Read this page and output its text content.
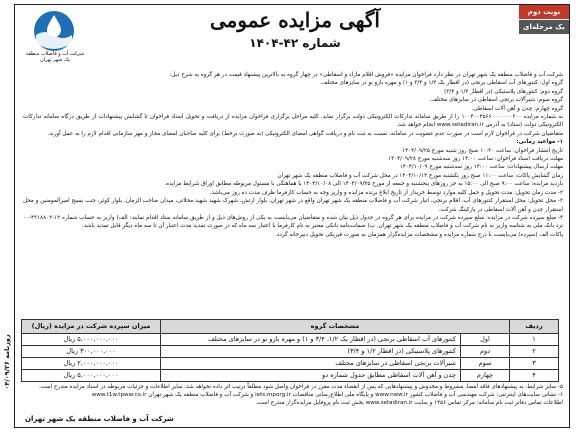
شرکت آب و فاضلاب منطقه یک شهر تهران
آگهی مزایده عمومی
شماره ۴۲-۱۴۰۴
نوبت دوم
یک مرحله‌ای

شرکت آب و فاضلاب منطقه یک شهر تهران در نظر دارد فراخوان مزایده «فروش اقلام مازاد و اسقاطی» در چهار گروه به بالاترین پیشنهاد قیمت در هر گروه به شرح ذیل:

گروه اول: کنتورهای آب اسقاطی برنجی (در اقطار یک ۱/۲ و ۳/۴ و ۱) و مهره بازو نو در سایزهای مختلف.

گروه دوم: کنتورهای پلاستیکی (در اقطار ۱/۲ و ۳/۴)

گروه سوم: شیرآلات برنجی اسقاطی در سایزهای مختلف.

گروه چهارم: چدن و آهن آلات اسقاطی.

به شماره مزایده ۱۰۰۴۰۰۴۵۶۶۰۰۰۰۰۰۰۲۰۰ را از طریق سامانه تدارکات الکترونیکی دولت برگزار نماید. کلیه مراحل برگزاری فراخوان مزایده از دریافت و تحویل اسناد فراخوان تا گشایش پیشنهادات از طریق درگاه سامانه تدارکات الکترونیکی دولت (ستاد) به آدرس www.setadiran.ir انجام خواهد شد.

متقاضیان شرکت در فراخوان لازم است در صورت عدم عضویت در سامانه، نسبت به ثبت نام و دریافت گواهی امضای الکترونیکی (به صورت برخط) برای کلیه صاحبان امضای مجاز و مهر سازمانی اقدام لازم را به عمل آورند.

۱- مواعید زمانی:

تاریخ انتشار فراخوان: ساعت ۱۰:۳۰ صبح روز شنبه مورخ ۱۴۰۴/۰۹/۲۵

مهلت دریافت اسناد فراخوان: ساعت ۱۴:۰۰ روز سه‌شنبه مورخ ۱۴۰۴/۰۹/۲۸

مهلت ارسال پیشنهادات: ساعت ۱۴:۰۰ روز سه‌شنبه مورخ ۱۴۰۴/۱۰/۰۹

زمان گشایش پاکات: ساعت ۱۱:۰۰ صبح روز یکشنبه مورخ ۱۴۰۴/۱۰/۱۴ در محل شرکت آب و فاضلاب منطقه یک شهر تهران

بازدید مزایده: ساعت ۹:۰۰ صبح الی ۱۵:۰۰ به جز روزهای پنجشنبه و جمعه از مورخ ۱۴۰۴/۰۹/۲۵ الی ۱۴۰۴/۱۰/۰۸ با هماهنگی با مسئول مربوطه مطابق اوراق شرایط مزایده.

۲- مدت زمان تحویل: مدت تحویل و حمل کلیه موارد توسط خریدار از تاریخ ابلاغ برنده مزایده و واریز وجه به حساب کارفرما ظرف مدت ده روز می‌باشد.

۳- محل تحویل: محل استقرار کنتورهای آب، اقلام برنجی، انبار شرکت آب و فاضلاب منطقه یک شهر تهران واقع در شهر تهران، بلوار ارتش، شهرک شهید شهید محلاتی، میدان صاحب الزمان، بلوار کوثر، جنب بسیج امیرالمومنین و محل استقرار چدن و آهن آلات اسقاطی در پارکینگ شرکت.

۴- مبلغ سپرده شرکت در مزایده: مبلغ سپرده شرکت در مزایده برای هر گروه در جدول ذیل بیان شده و متقاضیان می‌بایست به یکی از روش‌های ذیل و از طریق سامانه ستاد اقدام نمایند: الف) واریز به حساب شماره ۱۲-۴۳۱۸۸۰۲-۰۰ نزد بانک ملی به شناسه واریز به نام شرکت آب و فاضلاب منطقه یک شهر تهران. ب) ضمانت‌نامه بانکی معتبر به نام کارفرما با اعتبار سه ماه که در صورت تمدید مدت اعتبار آن تا سه ماه دیگر قابل تمدید باشد.

پاکات الف (سپرده) می‌بایست با درج شماره مزایده و مشخصات مزایده‌گزار همزمان به صورت فیزیکی تحویل دبیرخانه گردد.

ردیف	مشخصات گروه		میزان سپرده شرکت در مزایده (ریال)
۱	اول	کنتورهای آب اسقاطی برنجی (در اقطار یک ۱/۲، ۳/۴ و ۱) و مهره بازو نو در سایزهای مختلف	۵,۰۰۰,۰۰۰,۰۰۰ ریال
۲	دوم	کنتورهای پلاستیکی (در اقطار ۱/۲ و ۳/۴)	۳۰۰,۰۰۰,۰۰۰ ریال
۳	سوم	شیرآلات برنجی اسقاطی در سایزهای مختلف	۲,۰۰۰,۰۰۰,۰۰۰ ریال
۴	چهارم	چدن و آهن آلات اسقاطی مطابق جدول شماره دو	۵,۰۰۰,۰۰۰,۰۰۰ ریال

۵- سایر شرایط: به پیشنهادهای فاقد امضا، مشروط و مخدوش و پیشنهادهایی که پس از انقضاء مدت مقرر در فراخوان واصل شود مطلقاً ترتیب اثر داده نخواهد شد. سایر اطلاعات و جزئیات مربوطه در اسناد مزایده مندرج است.

۶- نشانی سایت‌های اینترنتی: شرکت مهندسی آب و فاضلاب کشور www.nww.ir و پایگاه ملی اطلاع‌رسانی مناقصات iets.mporg.ir و شرکت آب و فاضلاب منطقه یک شهر تهران www.t1w.tpww.co.ir

اطلاعات تماس دفاتر ثبت نام سامانه: مرکز تماس ۱۴۵۶ و سایت www.setadiran.ir بخش ثبت نام پروفایل مزایده‌گزار مندرج است.

شرکت آب و فاضلاب منطقه یک شهر تهران
روزنامه ۰۴/۰۹/۲۶
